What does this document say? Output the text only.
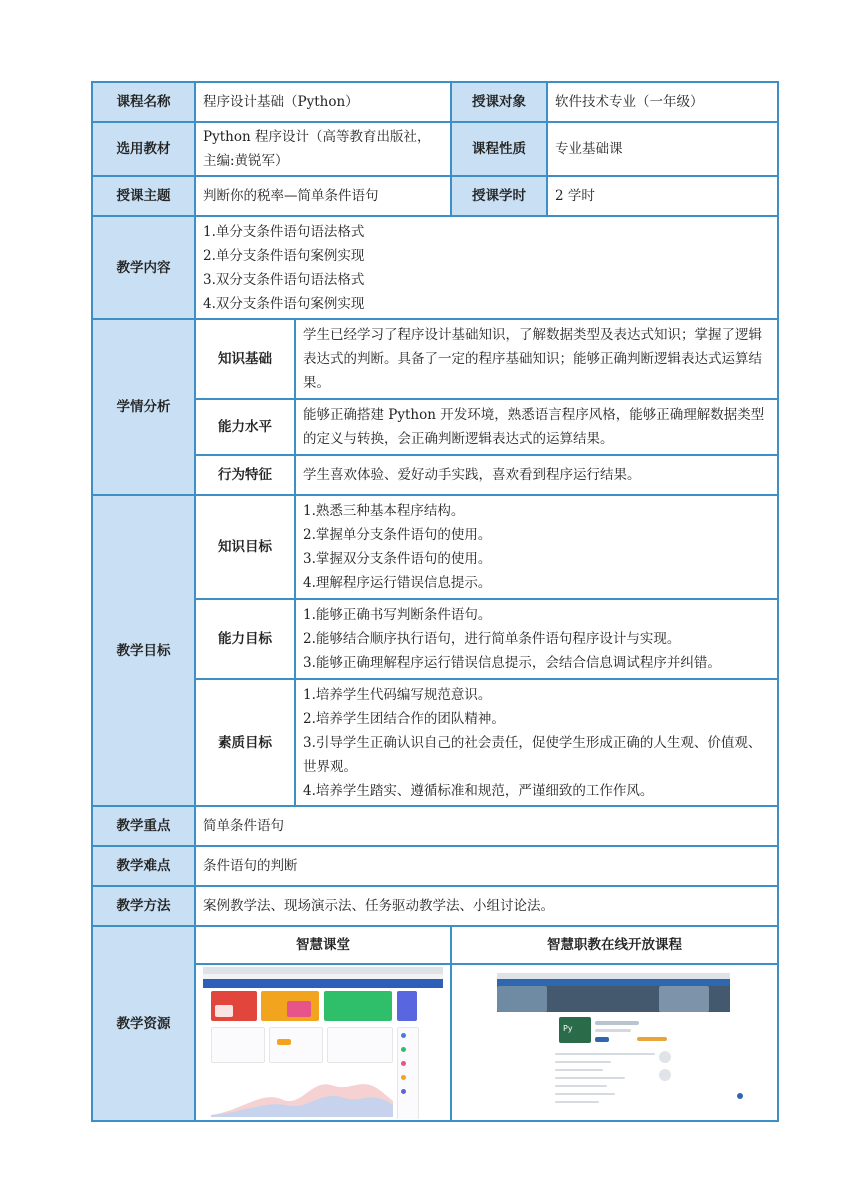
课程名称	程序设计基础（Python）		授课对象	软件技术专业（一年级）
选用教材	Python 程序设计（高等教育出版社，主编:黄锐军）		课程性质	专业基础课
授课主题	判断你的税率—简单条件语句		授课学时	2 学时
教学内容	1.单分支条件语句语法格式
2.单分支条件语句案例实现
3.双分支条件语句语法格式
4.双分支条件语句案例实现			

学情分析	知识基础	学生已经学习了程序设计基础知识，了解数据类型及表达式知识；掌握了逻辑表达式的判断。具备了一定的程序基础知识；能够正确判断逻辑表达式运算结果。		
	能力水平	能够正确搭建 Python 开发环境，熟悉语言程序风格，能够正确理解数据类型的定义与转换，会正确判断逻辑表达式的运算结果。		
	行为特征	学生喜欢体验、爱好动手实践，喜欢看到程序运行结果。		
教学目标	知识目标	1.熟悉三种基本程序结构。
2.掌握单分支条件语句的使用。
3.掌握双分支条件语句的使用。
4.理解程序运行错误信息提示。		

	能力目标	1.能够正确书写判断条件语句。
2.能够结合顺序执行语句，进行简单条件语句程序设计与实现。
3.能够正确理解程序运行错误信息提示，会结合信息调试程序并纠错。		

	素质目标	1.培养学生代码编写规范意识。
2.培养学生团结合作的团队精神。
3.引导学生正确认识自己的社会责任，促使学生形成正确的人生观、价值观、世界观。
4.培养学生踏实、遵循标准和规范，严谨细致的工作作风。		

教学重点	简单条件语句			
教学难点	条件语句的判断			
教学方法	案例教学法、现场演示法、任务驱动教学法、小组讨论法。			
教学资源	智慧课堂		智慧职教在线开放课程	

Py	
